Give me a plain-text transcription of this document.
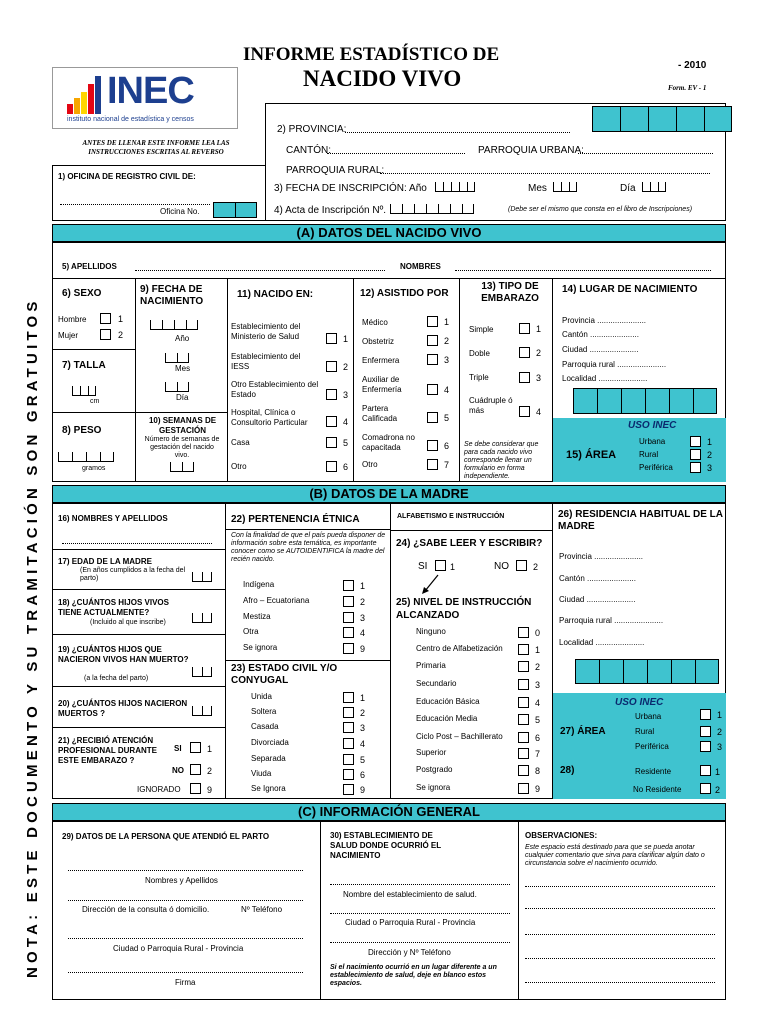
NOTA: ESTE DOCUMENTO Y SU TRAMITACIÓN SON GRATUITOS
INFORME ESTADÍSTICO DE
NACIDO VIVO
- 2010
Form. EV - 1
INEC
instituto nacional de estadística y censos
ANTES DE LLENAR ESTE INFORME LEA LAS INSTRUCCIONES ESCRITAS AL REVERSO
2) PROVINCIA:
CANTÓN:	PARROQUIA URBANA:
PARROQUIA RURAL:
3) FECHA DE INSCRIPCIÓN: Año	Mes	Día
4) Acta de Inscripción Nº.	(Debe ser el mismo que consta en el libro de Inscripciones)
1) OFICINA DE REGISTRO CIVIL DE:
Oficina No.
(A) DATOS DEL NACIDO VIVO
5) APELLIDOS	NOMBRES
6) SEXO
Hombre	1
Mujer	2
7) TALLA
cm
8) PESO
gramos
9) FECHA DE NACIMIENTO
Año
Mes
Día
10) SEMANAS DE GESTACIÓN
Número de semanas de gestación del nacido vivo.
11) NACIDO EN:
Establecimiento del Ministerio de Salud	1
Establecimiento del IESS	2
Otro Establecimiento del Estado	3
Hospital, Clínica o Consultorio Particular	4
Casa	5
Otro	6
12) ASISTIDO POR
Médico	1
Obstetriz	2
Enfermera	3
Auxiliar de Enfermería	4
Partera Calificada	5
Comadrona no capacitada	6
Otro	7
13) TIPO DE EMBARAZO
Simple	1
Doble	2
Triple	3
Cuádruple ó más	4
Se debe considerar que para cada nacido vivo corresponde llenar un formulario en forma independiente.
14) LUGAR DE NACIMIENTO
Provincia ......................
Cantón ......................
Ciudad ......................
Parroquia rural ......................
Localidad ......................
USO INEC
15) ÁREA
Urbana	1
Rural	2
Periférica	3
(B) DATOS DE LA MADRE
16) NOMBRES Y APELLIDOS
17) EDAD DE LA MADRE
(En años cumplidos a la fecha del parto)
18) ¿CUÁNTOS HIJOS VIVOS TIENE ACTUALMENTE?
(Incluido al que inscribe)
19) ¿CUÁNTOS HIJOS QUE NACIERON VIVOS HAN MUERTO?
(a la fecha del parto)
20) ¿CUÁNTOS HIJOS NACIERON MUERTOS ?
21) ¿RECIBIÓ ATENCIÓN PROFESIONAL DURANTE ESTE EMBARAZO ?
SI	1
NO	2
IGNORADO	9
22) PERTENENCIA ÉTNICA
Con la finalidad de que el país pueda disponer de información sobre esta temática, es importante conocer como se AUTOIDENTIFICA la madre del recién nacido.
Indígena	1
Afro – Ecuatoriana	2
Mestiza	3
Otra	4
Se ignora	9
23) ESTADO CIVIL Y/O CONYUGAL
Unida	1
Soltera	2
Casada	3
Divorciada	4
Separada	5
Viuda	6
Se Ignora	9
ALFABETISMO E INSTRUCCIÓN
24) ¿SABE LEER Y ESCRIBIR?
SI	1	NO	2
25) NIVEL DE INSTRUCCIÓN ALCANZADO
Ninguno	0
Centro de Alfabetización	1
Primaria	2
Secundario	3
Educación Básica	4
Educación Media	5
Ciclo Post – Bachillerato	6
Superior	7
Postgrado	8
Se ignora	9
26) RESIDENCIA HABITUAL DE LA MADRE
Provincia ......................
Cantón ......................
Ciudad ......................
Parroquia rural ......................
Localidad ......................
USO INEC
27) ÁREA
Urbana	1
Rural	2
Periférica	3
28)	Residente	1
No Residente	2
(C) INFORMACIÓN GENERAL
29) DATOS DE LA PERSONA QUE ATENDIÓ EL PARTO
Nombres y Apellidos
Dirección de la consulta ó domicilio.	Nº Teléfono
Ciudad o Parroquia Rural - Provincia
Firma
30) ESTABLECIMIENTO DE SALUD DONDE OCURRIÓ EL NACIMIENTO
Nombre del establecimiento de salud.
Ciudad o Parroquia Rural - Provincia
Dirección y Nº Teléfono
Si el nacimiento ocurrió en un lugar diferente a un establecimiento de salud, deje en blanco estos espacios.
OBSERVACIONES:
Este espacio está destinado para que se pueda anotar cualquier comentario que sirva para clarificar algún dato o circunstancia sobre el nacimiento ocurrido.
